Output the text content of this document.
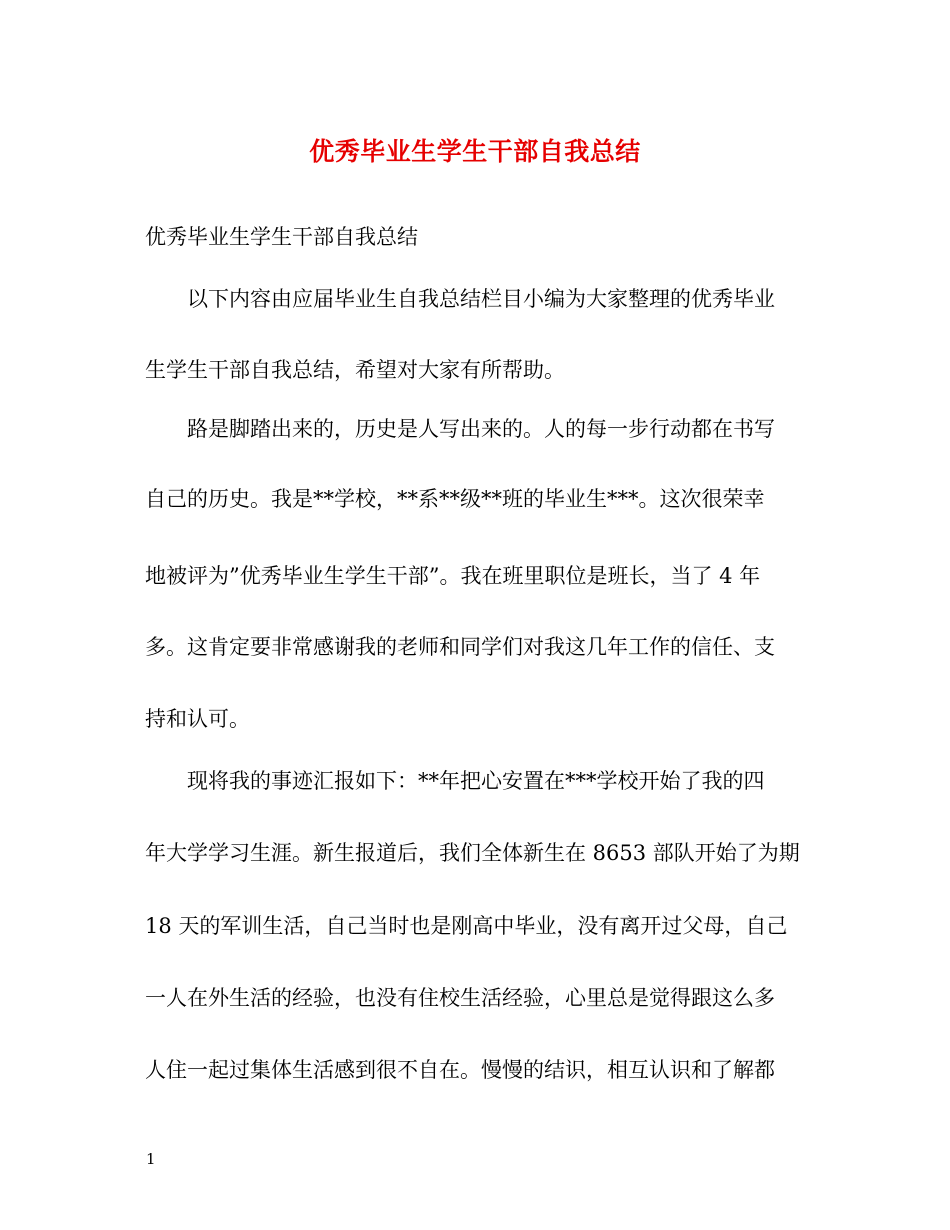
优秀毕业生学生干部自我总结
优秀毕业生学生干部自我总结
以下内容由应届毕业生自我总结栏目小编为大家整理的优秀毕业
生学生干部自我总结，希望对大家有所帮助。
路是脚踏出来的，历史是人写出来的。人的每一步行动都在书写
自己的历史。我是**学校，**系**级**班的毕业生***。这次很荣幸
地被评为”优秀毕业生学生干部”。我在班里职位是班长，当了 4 年
多。这肯定要非常感谢我的老师和同学们对我这几年工作的信任、支
持和认可。
现将我的事迹汇报如下：**年把心安置在***学校开始了我的四
年大学学习生涯。新生报道后，我们全体新生在 8653 部队开始了为期
18 天的军训生活，自己当时也是刚高中毕业，没有离开过父母，自己
一人在外生活的经验，也没有住校生活经验，心里总是觉得跟这么多
人住一起过集体生活感到很不自在。慢慢的结识，相互认识和了解都
1
